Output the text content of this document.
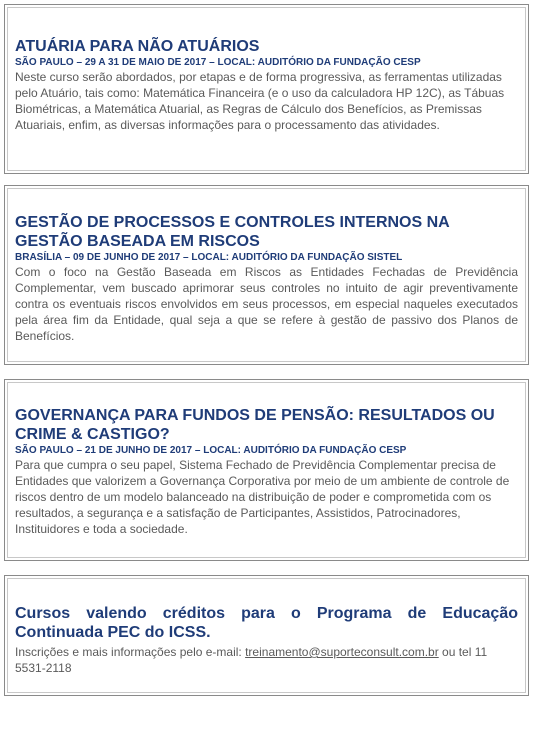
ATUÁRIA PARA NÃO ATUÁRIOS

SÃO PAULO – 29 A 31 DE MAIO DE 2017 – LOCAL: AUDITÓRIO DA FUNDAÇÃO CESP

Neste curso serão abordados, por etapas e de forma progressiva, as ferramentas utilizadas pelo Atuário, tais como: Matemática Financeira (e o uso da calculadora HP 12C), as Tábuas Biométricas, a Matemática Atuarial, as Regras de Cálculo dos Benefícios, as Premissas Atuariais, enfim, as diversas informações para o processamento das atividades.

GESTÃO DE PROCESSOS E CONTROLES INTERNOS NA GESTÃO BASEADA EM RISCOS

BRASÍLIA – 09 DE JUNHO DE 2017 – LOCAL: AUDITÓRIO DA FUNDAÇÃO SISTEL

Com o foco na Gestão Baseada em Riscos as Entidades Fechadas de Previdência Complementar, vem buscado aprimorar seus controles no intuito de agir preventivamente contra os eventuais riscos envolvidos em seus processos, em especial naqueles executados pela área fim da Entidade, qual seja a que se refere à gestão de passivo dos Planos de Benefícios.

GOVERNANÇA PARA FUNDOS DE PENSÃO: RESULTADOS OU CRIME & CASTIGO?

SÃO PAULO – 21 DE JUNHO DE 2017 – LOCAL: AUDITÓRIO DA FUNDAÇÃO CESP

Para que cumpra o seu papel, Sistema Fechado de Previdência Complementar precisa de Entidades que valorizem a Governança Corporativa por meio de um ambiente de controle de riscos dentro de um modelo balanceado na distribuição de poder e comprometida com os resultados, a segurança e a satisfação de Participantes, Assistidos, Patrocinadores, Instituidores e toda a sociedade.

Cursos valendo créditos para o Programa de Educação Continuada PEC do ICSS.

Inscrições e mais informações pelo e-mail: treinamento@suporteconsult.com.br ou tel 11 5531-2118
